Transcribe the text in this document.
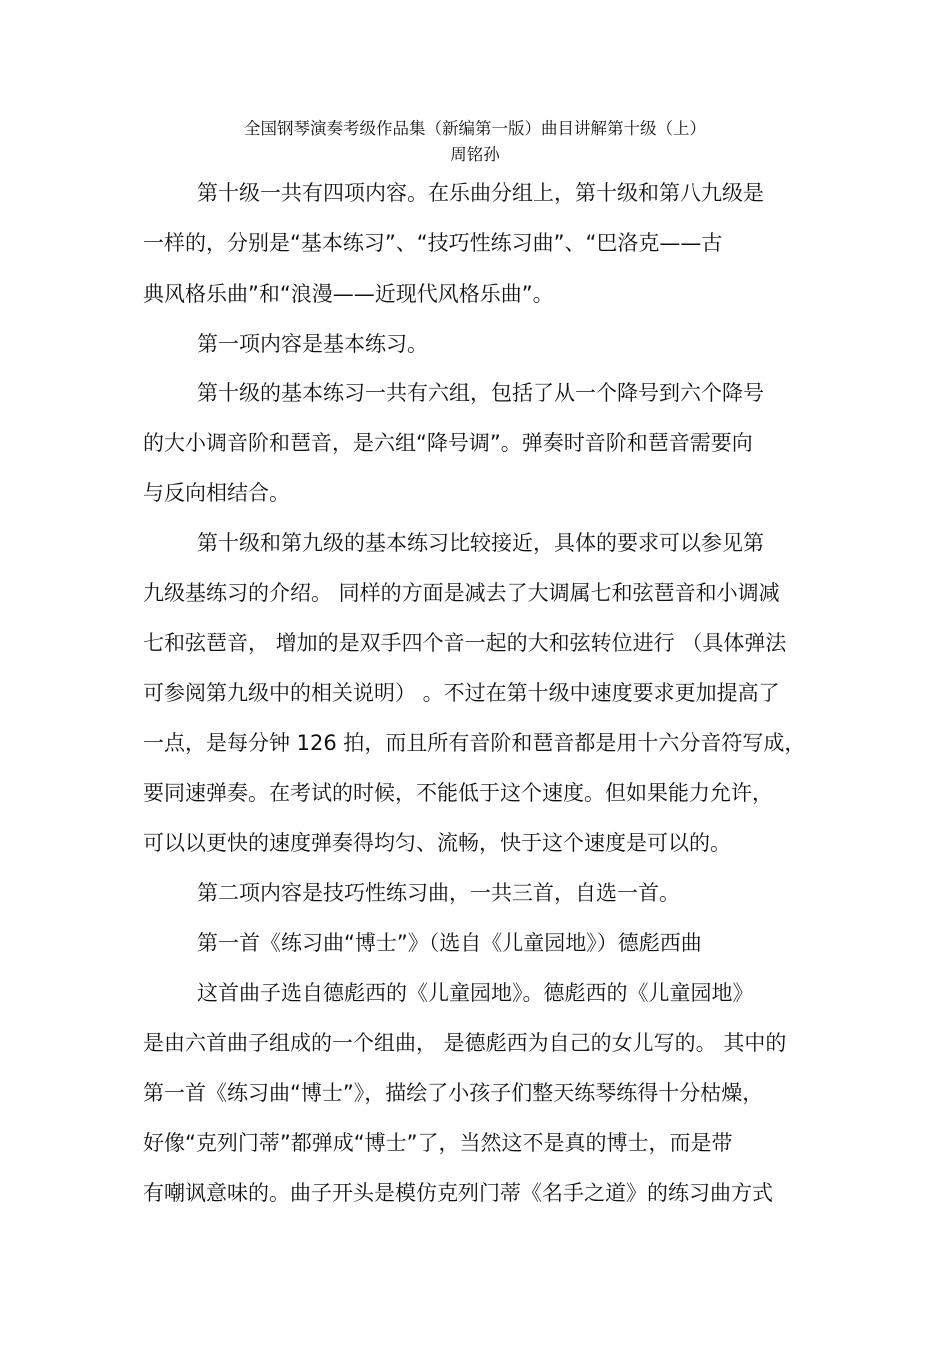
全国钢琴演奏考级作品集（新编第一版）曲目讲解第十级（上）
周铭孙
第十级一共有四项内容。在乐曲分组上，第十级和第八九级是
一样的，分别是“基本练习”、“技巧性练习曲”、“巴洛克——古
典风格乐曲”和“浪漫——近现代风格乐曲”。
第一项内容是基本练习。
第十级的基本练习一共有六组，包括了从一个降号到六个降号
的大小调音阶和琶音，是六组“降号调”。弹奏时音阶和琶音需要向
与反向相结合。
第十级和第九级的基本练习比较接近，具体的要求可以参见第
九级基练习的介绍。 同样的方面是减去了大调属七和弦琶音和小调减
七和弦琶音， 增加的是双手四个音一起的大和弦转位进行 （具体弹法
可参阅第九级中的相关说明） 。不过在第十级中速度要求更加提高了
一点，是每分钟 126 拍，而且所有音阶和琶音都是用十六分音符写成，
要同速弹奏。在考试的时候，不能低于这个速度。但如果能力允许，
可以以更快的速度弹奏得均匀、流畅，快于这个速度是可以的。
第二项内容是技巧性练习曲，一共三首，自选一首。
第一首《练习曲“博士”》（选自《儿童园地》）德彪西曲
这首曲子选自德彪西的《儿童园地》。德彪西的《儿童园地》
是由六首曲子组成的一个组曲， 是德彪西为自己的女儿写的。 其中的
第一首《练习曲“博士”》，描绘了小孩子们整天练琴练得十分枯燥，
好像“克列门蒂”都弹成“博士”了，当然这不是真的博士，而是带
有嘲讽意味的。曲子开头是模仿克列门蒂《名手之道》的练习曲方式
